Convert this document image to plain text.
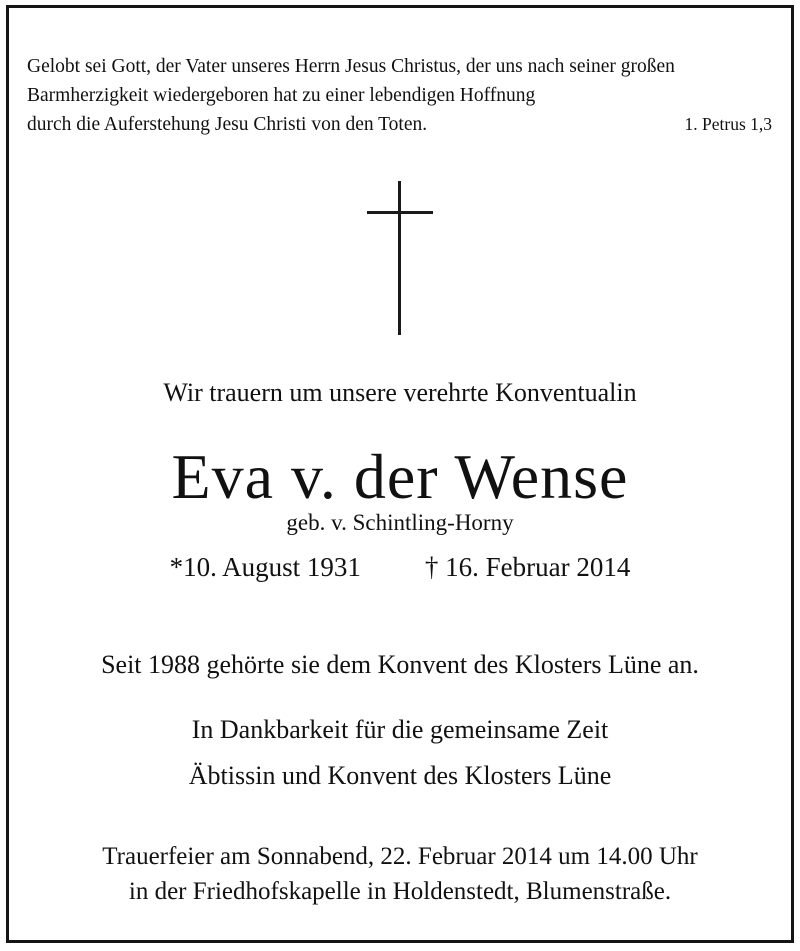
Gelobt sei Gott, der Vater unseres Herrn Jesus Christus, der uns nach seiner großen
Barmherzigkeit wiedergeboren hat zu einer lebendigen Hoffnung
durch die Auferstehung Jesu Christi von den Toten.	1. Petrus 1,3
Wir trauern um unsere verehrte Konventualin
Eva v. der Wense
geb. v. Schintling-Horny
*10. August 1931 † 16. Februar 2014
Seit 1988 gehörte sie dem Konvent des Klosters Lüne an.
In Dankbarkeit für die gemeinsame Zeit
Äbtissin und Konvent des Klosters Lüne
Trauerfeier am Sonnabend, 22. Februar 2014 um 14.00 Uhr
in der Friedhofskapelle in Holdenstedt, Blumenstraße.
